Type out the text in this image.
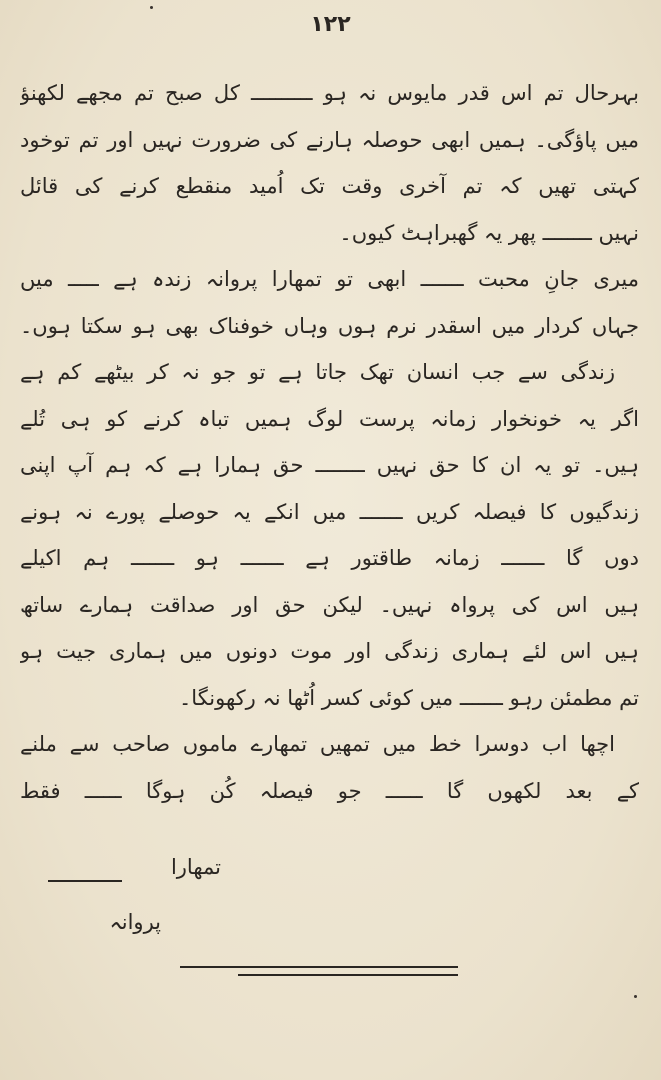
۱۲۲
بہرحال تم اس قدر مایوس نہ ہو ــــــــــ کل صبح تم مجھے لکھنؤ
میں پاؤگی۔ ہمیں ابھی حوصلہ ہارنے کی ضرورت نہیں اور تم توخود
کہتی تھیں کہ تم آخری وقت تک اُمید منقطع کرنے کی قائل
نہیں ــــــــ پھر یہ گھبراہٹ کیوں۔
میری جانِ محبت ـــــــ ابھی تو تمھارا پروانہ زندہ ہے ـــــ میں
جہاں کردار میں اسقدر نرم ہوں وہاں خوفناک بھی ہو سکتا ہوں۔
زندگی سے جب انسان تھک جاتا ہے تو جو نہ کر بیٹھے کم ہے
اگر یہ خونخوار زمانہ پرست لوگ ہمیں تباہ کرنے کو ہی تُلے
ہیں۔ تو یہ ان کا حق نہیں ــــــــ حق ہمارا ہے کہ ہم آپ اپنی
زندگیوں کا فیصلہ کریں ـــــــ میں انکے یہ حوصلے پورے نہ ہونے
دوں گا ـــــــ زمانہ طاقتور ہے ـــــــ ہو ـــــــ ہم اکیلے
ہیں اس کی پرواہ نہیں۔ لیکن حق اور صداقت ہمارے ساتھ
ہیں اس لئے ہماری زندگی اور موت دونوں میں ہماری جیت ہو
تم مطمئن رہو ـــــــ میں کوئی کسر اُٹھا نہ رکھونگا۔
اچھا اب دوسرا خط میں تمھیں تمھارے ماموں صاحب سے ملنے
کے بعد لکھوں گا ــــــ جو فیصلہ کُن ہوگا ــــــ فقط
تمھارا
پروانہ
